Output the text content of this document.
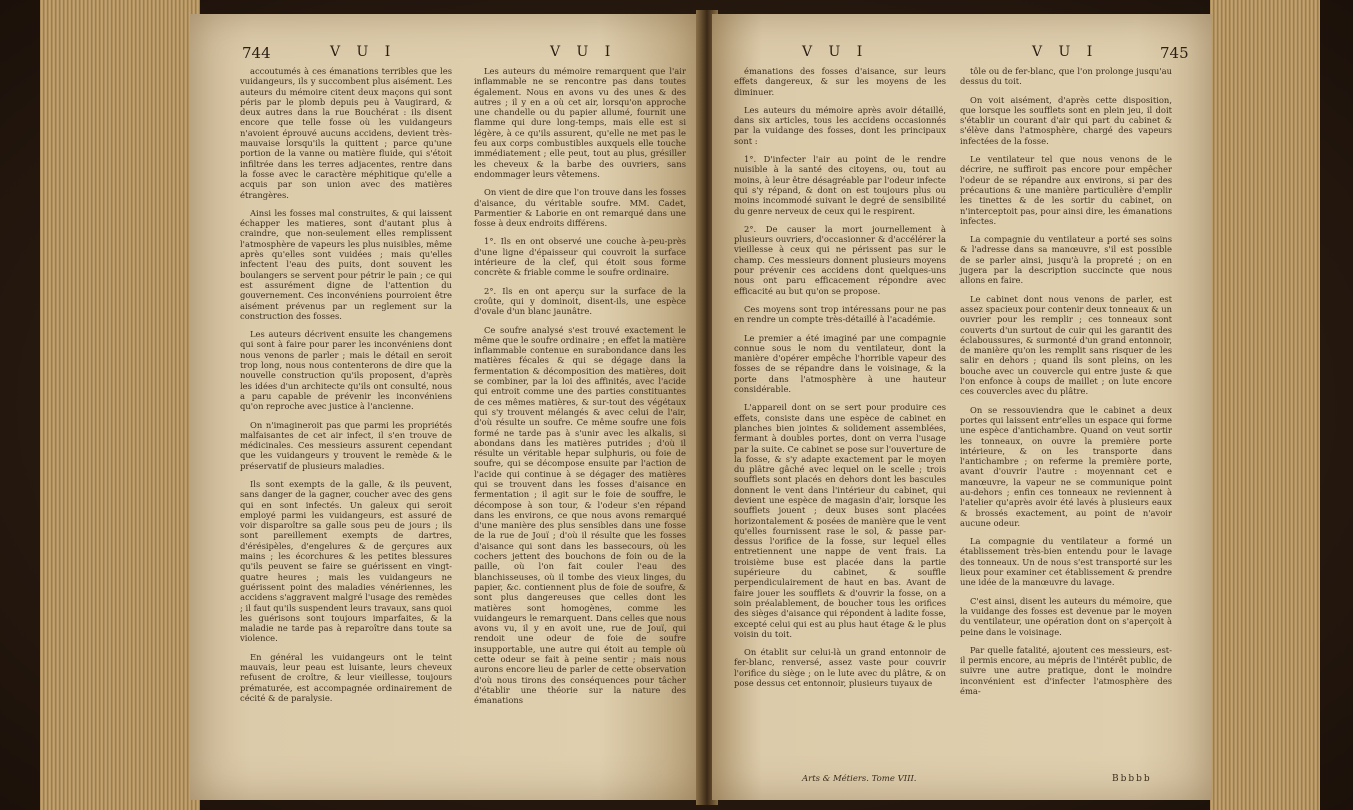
744	V U I	V U I

accoutumés à ces émanations terribles que les vuidangeurs, ils y succombent plus aisément. Les auteurs du mémoire citent deux maçons qui sont péris par le plomb depuis peu à Vaugirard, & deux autres dans la rue Bouchérat : ils disent encore que telle fosse où les vuidangeurs n'avoient éprouvé aucuns accidens, devient très-mauvaise lorsqu'ils la quittent ; parce qu'une portion de la vanne ou matière fluide, qui s'étoit infiltrée dans les terres adjacentes, rentre dans la fosse avec le caractère méphitique qu'elle a acquis par son union avec des matières étrangères.

Ainsi les fosses mal construites, & qui laissent échapper les matieres, sont d'autant plus à craindre, que non-seulement elles remplissent l'atmosphère de vapeurs les plus nuisibles, même après qu'elles sont vuidées ; mais qu'elles infectent l'eau des puits, dont souvent les boulangers se servent pour pétrir le pain ; ce qui est assurément digne de l'attention du gouvernement. Ces inconvéniens pourroient être aisément prévenus par un reglement sur la construction des fosses.

Les auteurs décrivent ensuite les changemens qui sont à faire pour parer les inconvéniens dont nous venons de parler ; mais le détail en seroit trop long, nous nous contenterons de dire que la nouvelle construction qu'ils proposent, d'après les idées d'un architecte qu'ils ont consulté, nous a paru capable de prévenir les inconvéniens qu'on reproche avec justice à l'ancienne.

On n'imagineroit pas que parmi les propriétés malfaisantes de cet air infect, il s'en trouve de médicinales. Ces messieurs assurent cependant que les vuidangeurs y trouvent le remède & le préservatif de plusieurs maladies.

Ils sont exempts de la galle, & ils peuvent, sans danger de la gagner, coucher avec des gens qui en sont infectés. Un galeux qui seroit employé parmi les vuidangeurs, est assuré de voir disparoître sa galle sous peu de jours ; ils sont pareillement exempts de dartres, d'érésipèles, d'engelures & de gerçures aux mains ; les écorchures & les petites blessures qu'ils peuvent se faire se guérissent en vingt-quatre heures ; mais les vuidangeurs ne guérissent point des maladies vénériennes, les accidens s'aggravent malgré l'usage des remèdes ; il faut qu'ils suspendent leurs travaux, sans quoi les guérisons sont toujours imparfaites, & la maladie ne tarde pas à reparoître dans toute sa violence.

En général les vuidangeurs ont le teint mauvais, leur peau est luisante, leurs cheveux refusent de croître, & leur vieillesse, toujours prématurée, est accompagnée ordinairement de cécité & de paralysie.

Les auteurs du mémoire remarquent que l'air inflammable ne se rencontre pas dans toutes également. Nous en avons vu des unes & des autres ; il y en a où cet air, lorsqu'on approche une chandelle ou du papier allumé, fournit une flamme qui dure long-temps, mais elle est si légère, à ce qu'ils assurent, qu'elle ne met pas le feu aux corps combustibles auxquels elle touche immédiatement ; elle peut, tout au plus, grésiller les cheveux & la barbe des ouvriers, sans endommager leurs vêtemens.

On vient de dire que l'on trouve dans les fosses d'aisance, du véritable soufre. MM. Cadet, Parmentier & Laborie en ont remarqué dans une fosse à deux endroits différens.

1°. Ils en ont observé une couche à-peu-près d'une ligne d'épaisseur qui couvroit la surface intérieure de la clef, qui étoit sous forme concrète & friable comme le soufre ordinaire.

2°. Ils en ont aperçu sur la surface de la croûte, qui y dominoit, disent-ils, une espèce d'ovale d'un blanc jaunâtre.

Ce soufre analysé s'est trouvé exactement le même que le soufre ordinaire ; en effet la matière inflammable contenue en surabondance dans les matières fécales & qui se dégage dans la fermentation & décomposition des matières, doit se combiner, par la loi des affinités, avec l'acide qui entroit comme une des parties constituantes de ces mêmes matières, & sur-tout des végétaux qui s'y trouvent mélangés & avec celui de l'air, d'où résulte un soufre. Ce même soufre une fois formé ne tarde pas à s'unir avec les alkalis, si abondans dans les matières putrides ; d'où il résulte un véritable hepar sulphuris, ou foie de soufre, qui se décompose ensuite par l'action de l'acide qui continue à se dégager des matières qui se trouvent dans les fosses d'aisance en fermentation ; il agit sur le foie de souffre, le décompose à son tour, & l'odeur s'en répand dans les environs, ce que nous avons remarqué d'une manière des plus sensibles dans une fosse de la rue de Jouï ; d'où il résulte que les fosses d'aisance qui sont dans les bassecours, où les cochers jettent des bouchons de foin ou de la paille, où l'on fait couler l'eau des blanchisseuses, où il tombe des vieux linges, du papier, &c. contiennent plus de foie de soufre, & sont plus dangereuses que celles dont les matières sont homogènes, comme les vuidangeurs le remarquent. Dans celles que nous avons vu, il y en avoit une, rue de Jouï, qui rendoit une odeur de foie de soufre insupportable, une autre qui étoit au temple où cette odeur se fait à peine sentir ; mais nous aurons encore lieu de parler de cette observation d'où nous tirons des conséquences pour tâcher d'établir une théorie sur la nature des émanations

V U I	V U I	745

émanations des fosses d'aisance, sur leurs effets dangereux, & sur les moyens de les diminuer.

Les auteurs du mémoire après avoir détaillé, dans six articles, tous les accidens occasionnés par la vuidange des fosses, dont les principaux sont :

1°. D'infecter l'air au point de le rendre nuisible à la santé des citoyens, ou, tout au moins, à leur être désagréable par l'odeur infecte qui s'y répand, & dont on est toujours plus ou moins incommodé suivant le degré de sensibilité du genre nerveux de ceux qui le respirent.

2°. De causer la mort journellement à plusieurs ouvriers, d'occasionner & d'accélérer la vieillesse à ceux qui ne périssent pas sur le champ. Ces messieurs donnent plusieurs moyens pour prévenir ces accidens dont quelques-uns nous ont paru efficacement répondre avec efficacité au but qu'on se propose.

Ces moyens sont trop intéressans pour ne pas en rendre un compte très-détaillé à l'académie.

Le premier a été imaginé par une compagnie connue sous le nom du ventilateur, dont la manière d'opérer empêche l'horrible vapeur des fosses de se répandre dans le voisinage, & la porte dans l'atmosphère à une hauteur considérable.

L'appareil dont on se sert pour produire ces effets, consiste dans une espèce de cabinet en planches bien jointes & solidement assemblées, fermant à doubles portes, dont on verra l'usage par la suite. Ce cabinet se pose sur l'ouverture de la fosse, & s'y adapte exactement par le moyen du plâtre gâché avec lequel on le scelle ; trois soufflets sont placés en dehors dont les bascules donnent le vent dans l'intérieur du cabinet, qui devient une espèce de magasin d'air, lorsque les soufflets jouent ; deux buses sont placées horizontalement & posées de manière que le vent qu'elles fournissent rase le sol, & passe par-dessus l'orifice de la fosse, sur lequel elles entretiennent une nappe de vent frais. La troisième buse est placée dans la partie supérieure du cabinet, & souffle perpendiculairement de haut en bas. Avant de faire jouer les soufflets & d'ouvrir la fosse, on a soin préalablement, de boucher tous les orifices des sièges d'aisance qui répondent à ladite fosse, excepté celui qui est au plus haut étage & le plus voisin du toit.

On établit sur celui-là un grand entonnoir de fer-blanc, renversé, assez vaste pour couvrir l'orifice du siège ; on le lute avec du plâtre, & on pose dessus cet entonnoir, plusieurs tuyaux de

tôle ou de fer-blanc, que l'on prolonge jusqu'au dessus du toit.

On voit aisément, d'après cette disposition, que lorsque les soufflets sont en plein jeu, il doit s'établir un courant d'air qui part du cabinet & s'élève dans l'atmosphère, chargé des vapeurs infectées de la fosse.

Le ventilateur tel que nous venons de le décrire, ne suffiroit pas encore pour empêcher l'odeur de se répandre aux environs, si par des précautions & une manière particulière d'emplir les tinettes & de les sortir du cabinet, on n'interceptoit pas, pour ainsi dire, les émanations infectes.

La compagnie du ventilateur a porté ses soins & l'adresse dans sa manœuvre, s'il est possible de se parler ainsi, jusqu'à la propreté ; on en jugera par la description succincte que nous allons en faire.

Le cabinet dont nous venons de parler, est assez spacieux pour contenir deux tonneaux & un ouvrier pour les remplir ; ces tonneaux sont couverts d'un surtout de cuir qui les garantit des éclaboussures, & surmonté d'un grand entonnoir, de manière qu'on les remplit sans risquer de les salir en dehors ; quand ils sont pleins, on les bouche avec un couvercle qui entre juste & que l'on enfonce à coups de maillet ; on lute encore ces couvercles avec du plâtre.

On se ressouviendra que le cabinet a deux portes qui laissent entr'elles un espace qui forme une espèce d'antichambre. Quand on veut sortir les tonneaux, on ouvre la première porte intérieure, & on les transporte dans l'antichambre ; on referme la première porte, avant d'ouvrir l'autre : moyennant cet e manœuvre, la vapeur ne se communique point au-dehors ; enfin ces tonneaux ne reviennent à l'atelier qu'après avoir été lavés à plusieurs eaux & brossés exactement, au point de n'avoir aucune odeur.

La compagnie du ventilateur a formé un établissement très-bien entendu pour le lavage des tonneaux. Un de nous s'est transporté sur les lieux pour examiner cet établissement & prendre une idée de la manœuvre du lavage.

C'est ainsi, disent les auteurs du mémoire, que la vuidange des fosses est devenue par le moyen du ventilateur, une opération dont on s'aperçoit à peine dans le voisinage.

Par quelle fatalité, ajoutent ces messieurs, est-il permis encore, au mépris de l'intérêt public, de suivre une autre pratique, dont le moindre inconvénient est d'infecter l'atmosphère des éma-

Arts & Métiers. Tome VIII.	Bbbbb
